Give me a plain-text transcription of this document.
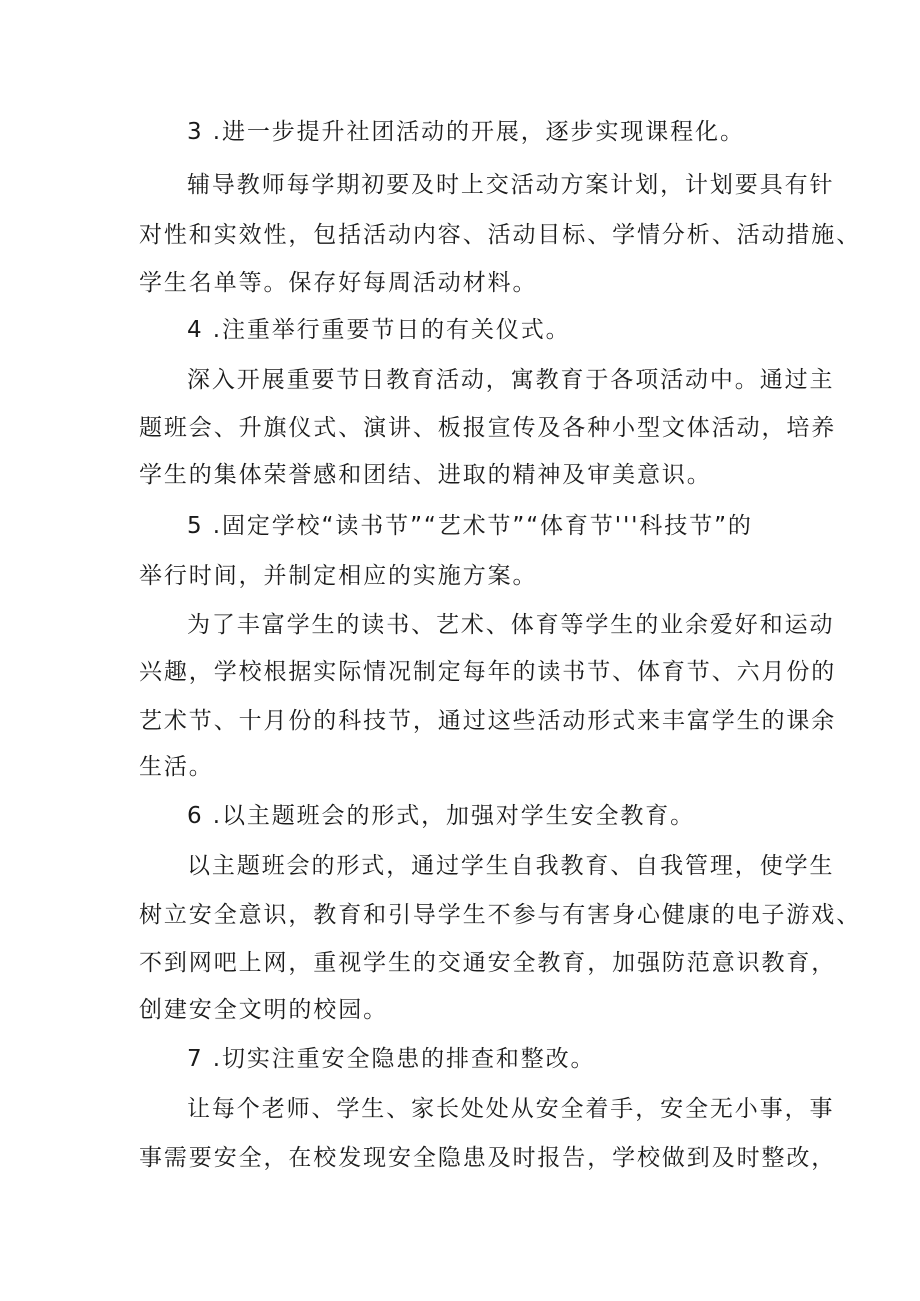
3 .进一步提升社团活动的开展，逐步实现课程化。
辅导教师每学期初要及时上交活动方案计划，计划要具有针
对性和实效性，包括活动内容、活动目标、学情分析、活动措施、
学生名单等。保存好每周活动材料。
4 .注重举行重要节日的有关仪式。
深入开展重要节日教育活动，寓教育于各项活动中。通过主
题班会、升旗仪式、演讲、板报宣传及各种小型文体活动，培养
学生的集体荣誉感和团结、进取的精神及审美意识。
5 .固定学校“读书节”“艺术节”“体育节'''科技节”的
举行时间，并制定相应的实施方案。
为了丰富学生的读书、艺术、体育等学生的业余爱好和运动
兴趣，学校根据实际情况制定每年的读书节、体育节、六月份的
艺术节、十月份的科技节，通过这些活动形式来丰富学生的课余
生活。
6 .以主题班会的形式，加强对学生安全教育。
以主题班会的形式，通过学生自我教育、自我管理，使学生
树立安全意识，教育和引导学生不参与有害身心健康的电子游戏、
不到网吧上网，重视学生的交通安全教育，加强防范意识教育，
创建安全文明的校园。
7 .切实注重安全隐患的排查和整改。
让每个老师、学生、家长处处从安全着手，安全无小事，事
事需要安全，在校发现安全隐患及时报告，学校做到及时整改，
